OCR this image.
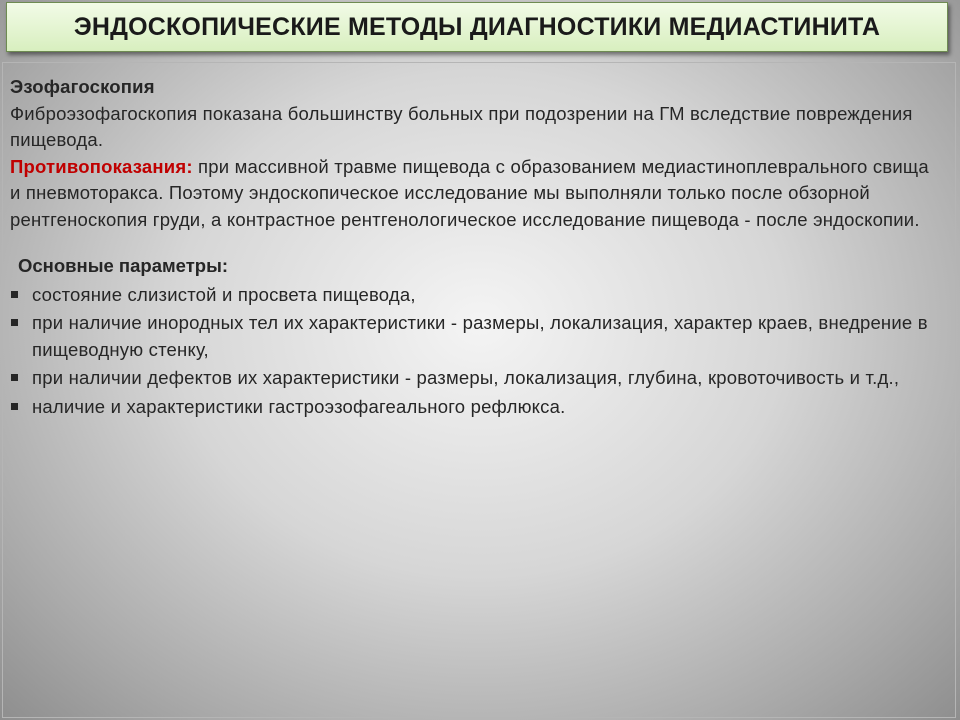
ЭНДОСКОПИЧЕСКИЕ МЕТОДЫ ДИАГНОСТИКИ МЕДИАСТИНИТА

Эзофагоскопия

Фиброэзофагоскопия показана большинству больных при подозрении на ГМ вследствие повреждения пищевода.

Противопоказания: при массивной травме пищевода с образованием медиастиноплеврального свища и пневмоторакса. Поэтому эндоскопическое исследование мы выполняли только после обзорной рентгеноскопия груди, а контрастное рентгенологическое исследование пищевода - после эндоскопии.

Основные параметры:

состояние слизистой и просвета пищевода,
при наличие инородных тел их характеристики - размеры, локализация, характер краев, внедрение в пищеводную стенку,
при наличии дефектов их характеристики - размеры, локализация, глубина, кровоточивость и т.д.,
наличие и характеристики гастроэзофагеального рефлюкса.
